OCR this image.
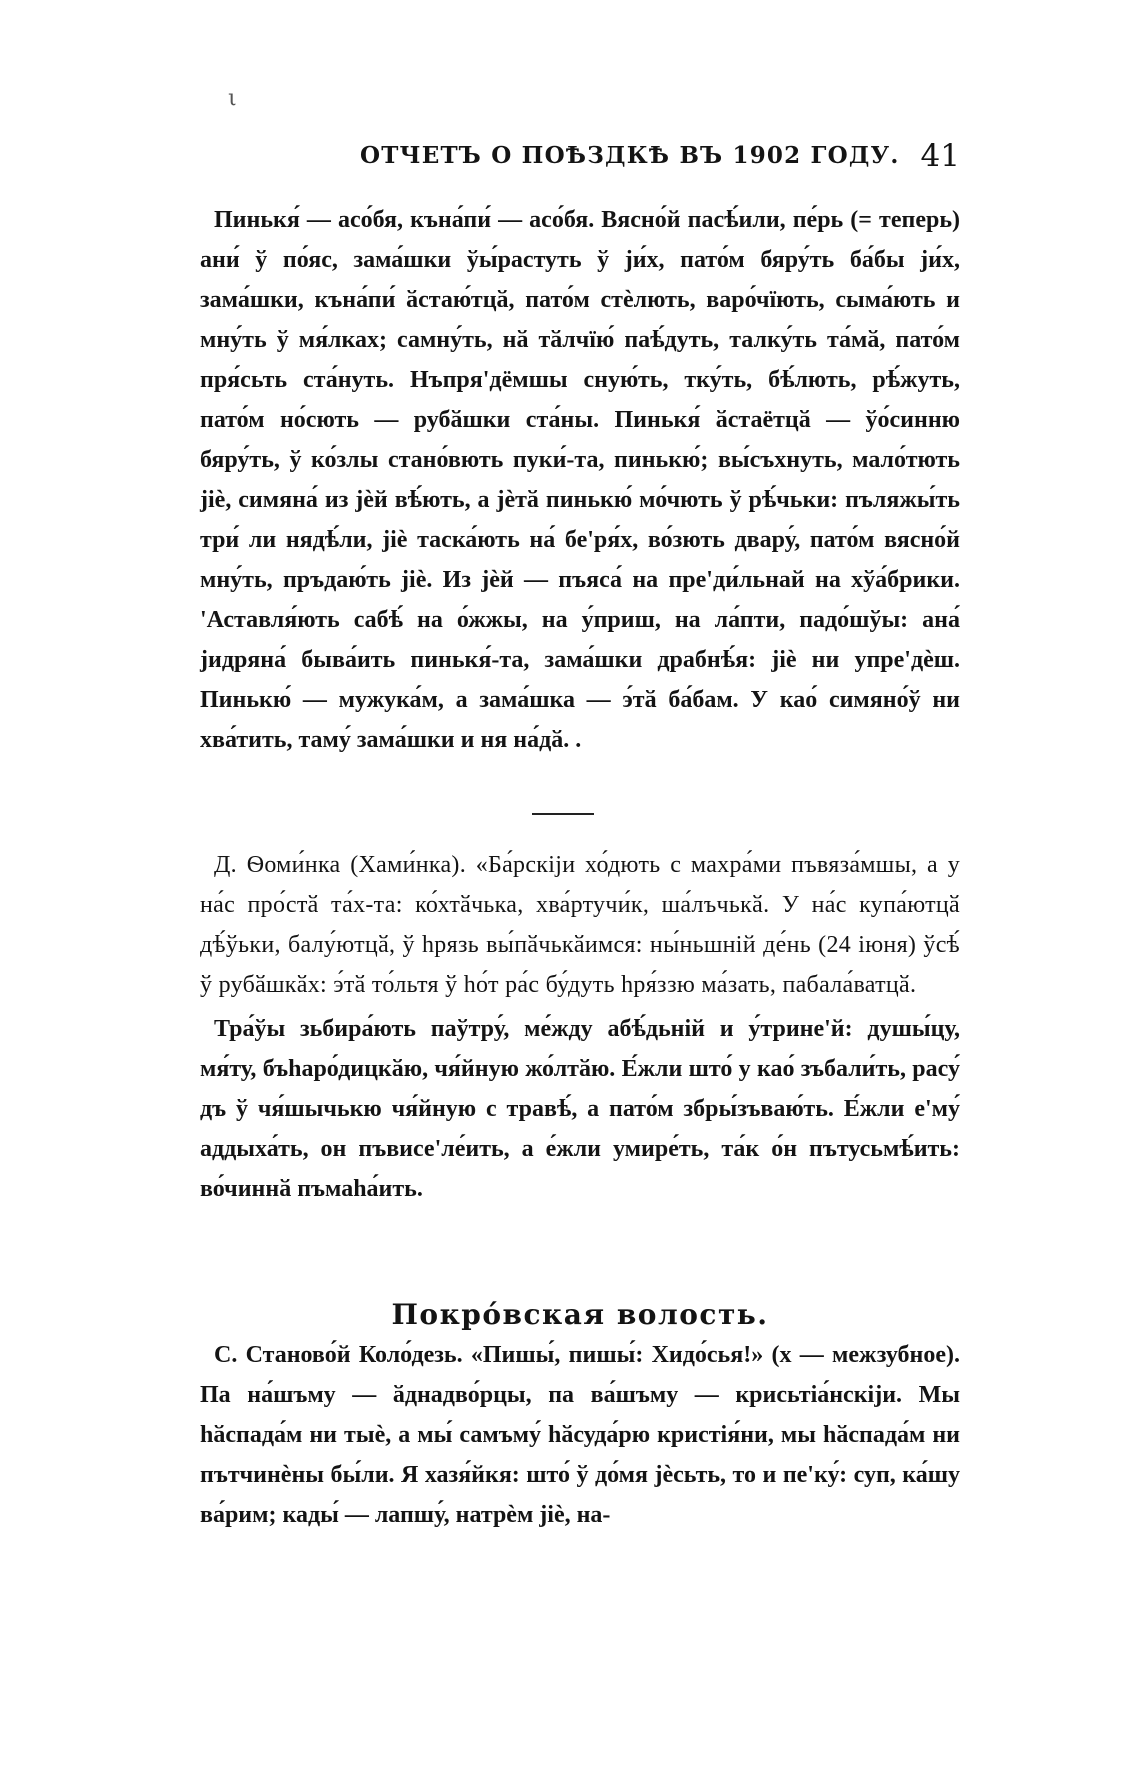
ι
ОТЧЕТЪ О ПОѢЗДКѢ ВЪ 1902 ГОДУ. 41

Пинькя́ — асо́бя, къна́пи́ — асо́бя. Вясно́й пасѣ́или, пе́рь (= теперь) ани́ ў по́яс, зама́шки ўы́растуть ў ји́х, пато́м бяру́ть ба́бы ји́х, зама́шки, къна́пи́ ӑстаю́тцӑ, пато́м стѐлють, варо́чїють, сыма́ють и мну́ть ў мя́лках; самну́ть, нӑ тӑлчїю́ паѣ́дуть, талку́ть та́мӑ, пато́м пря́сьть ста́нуть. Нъпря'дёмшы сную́ть, тку́ть, бѣ́лють, рѣ́жуть, пато́м но́сють — рубӑшки ста́ны. Пинькя́ ӑстаётцӑ — ўо́синню бяру́ть, ў ко́злы стано́вють пуки́-та, пинькю́; вы́съхнуть, мало́тють јіѐ, симяна́ из јѐй вѣ́ють, а јѐтӑ пинькю́ мо́чють ў рѣ́чьки: пъляжы́ть три́ ли нядѣ́ли, јіѐ таска́ють на́ бе'ря́х, во́зють двару́, пато́м вясно́й мну́ть, пръдаю́ть јіѐ. Из јѐй — пъяса́ на пре'ди́льнай на хўа́брики. 'Аставля́ють сабѣ́ на о́жжы, на у́приш, на ла́пти, падо́шўы: ана́ јидряна́ быва́ить пинькя́-та, зама́шки драбнѣ́я: јіѐ ни упре'дѐш. Пинькю́ — мужука́м, а зама́шка — э́тӑ ба́бам. У као́ симяно́ў ни хва́тить, таму́ зама́шки и ня на́дӑ. .

Д. Ѳоми́нка (Хами́нка). «Ба́рскіји хо́дють с махра́ми пъвяза́мшы, а у на́с про́стӑ та́х-та: ко́хтӑчька, хва́ртучи́к, ша́лъчькӑ. У на́с купа́ютцӑ дѣ́ўьки, балу́ютцӑ, ў һрязь вы́пӑчькӑимся: ны́ньшній де́нь (24 іюня) ўсѣ́ ў рубӑшкӑх: э́тӑ то́льтя ў һо́т ра́с бу́дуть һря́ззю ма́зать, пабала́ватцӑ.

Тра́ўы зьбира́ють паўтру́, ме́жду абѣ́дьній и у́трине'й: душы́цу, мя́ту, бъһаро́дицкӑю, чя́йную жо́лтӑю. Е́жли што́ у као́ зъбали́ть, расу́ дъ ў чя́шычькю чя́йную с травѣ́, а пато́м збры́зъваю́ть. Е́жли е'му́ аддыха́ть, он пъвисе'ле́ить, а е́жли умире́ть, та́к о́н пътусьмѣ́ить: во́чиннӑ пъмаһа́ить.

Покро́вская волость.

С. Станово́й Коло́дезь. «Пишы́, пишы́: Хидо́сья!» (х — межзубное). Па на́шъму — ӑднадво́рцы, па ва́шъму — крисьтіа́нскіји. Мы һӑспада́м ни тыѐ, а мы́ самъму́ һӑсуда́рю кристія́ни, мы һӑспада́м ни пътчинѐны бы́ли. Я хазя́йкя: што́ ў до́мя јѐсьть, то и пе'ку́: суп, ка́шу ва́рим; кады́ — лапшу́, натрѐм јіѐ, на-
